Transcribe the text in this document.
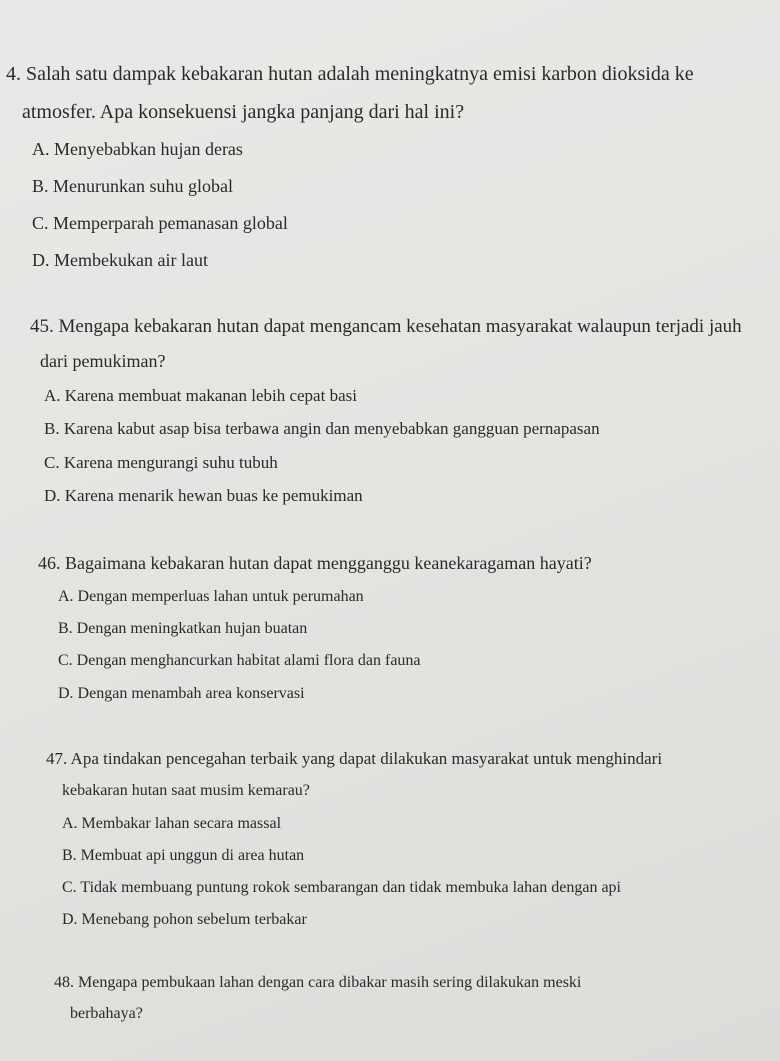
4. Salah satu dampak kebakaran hutan adalah meningkatnya emisi karbon dioksida ke
atmosfer. Apa konsekuensi jangka panjang dari hal ini?
A. Menyebabkan hujan deras
B. Menurunkan suhu global
C. Memperparah pemanasan global
D. Membekukan air laut
45. Mengapa kebakaran hutan dapat mengancam kesehatan masyarakat walaupun terjadi jauh
dari pemukiman?
A. Karena membuat makanan lebih cepat basi
B. Karena kabut asap bisa terbawa angin dan menyebabkan gangguan pernapasan
C. Karena mengurangi suhu tubuh
D. Karena menarik hewan buas ke pemukiman
46. Bagaimana kebakaran hutan dapat mengganggu keanekaragaman hayati?
A. Dengan memperluas lahan untuk perumahan
B. Dengan meningkatkan hujan buatan
C. Dengan menghancurkan habitat alami flora dan fauna
D. Dengan menambah area konservasi
47. Apa tindakan pencegahan terbaik yang dapat dilakukan masyarakat untuk menghindari
kebakaran hutan saat musim kemarau?
A. Membakar lahan secara massal
B. Membuat api unggun di area hutan
C. Tidak membuang puntung rokok sembarangan dan tidak membuka lahan dengan api
D. Menebang pohon sebelum terbakar
48. Mengapa pembukaan lahan dengan cara dibakar masih sering dilakukan meski
berbahaya?
